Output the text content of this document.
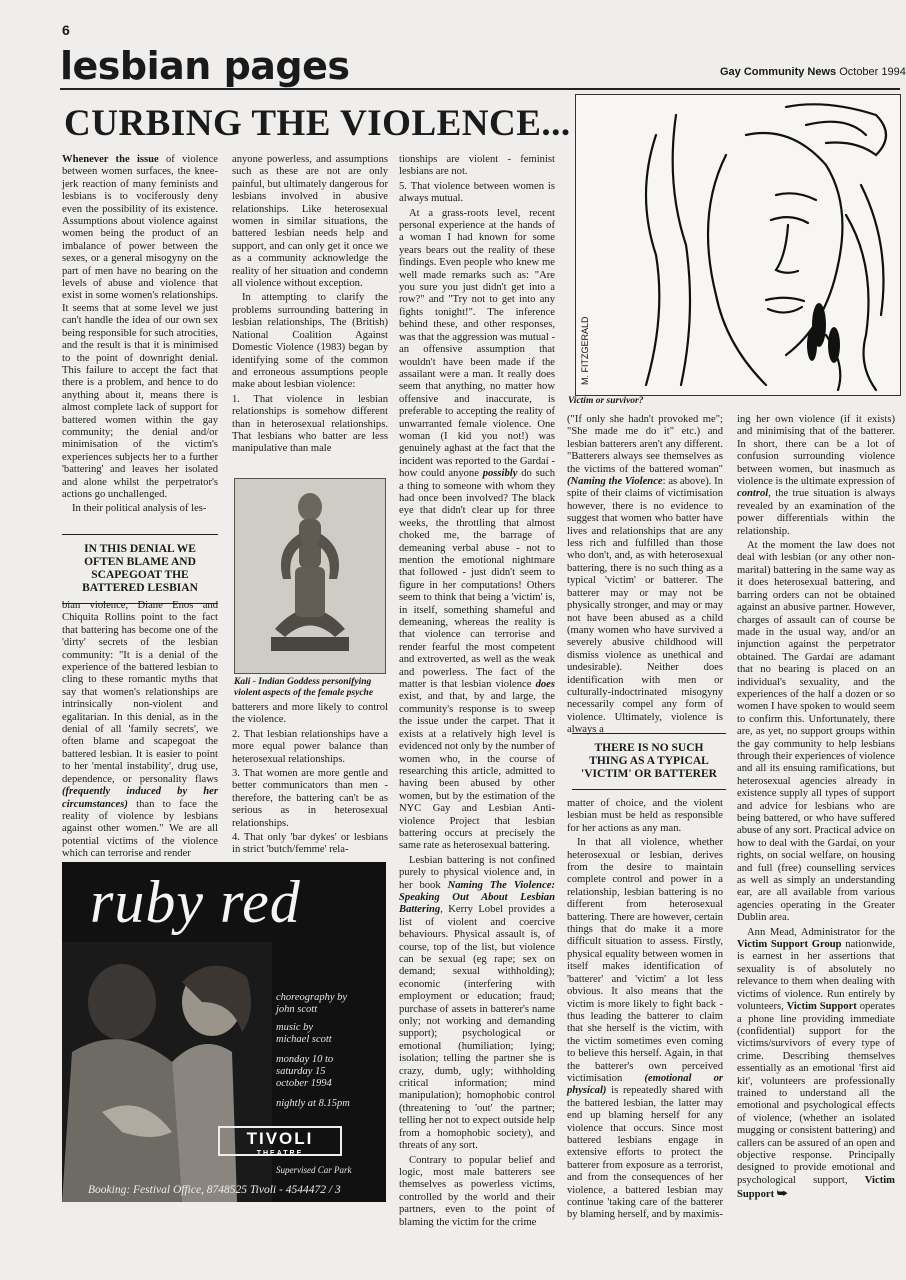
6
lesbian pages	Gay Community News October 1994
CURBING THE VIOLENCE...

Whenever the issue of violence between women surfaces, the knee-jerk reaction of many feminists and lesbians is to vociferously deny even the possibility of its existence. Assumptions about violence against women being the product of an imbalance of power between the sexes, or a general misogyny on the part of men have no bearing on the levels of abuse and violence that exist in some women's relationships. It seems that at some level we just can't handle the idea of our own sex being responsible for such atrocities, and the result is that it is minimised to the point of downright denial. This failure to accept the fact that there is a problem, and hence to do anything about it, means there is almost complete lack of support for battered women within the gay community; the denial and/or minimisation of the victim's experiences subjects her to a further 'battering' and leaves her isolated and alone whilst the perpetrator's actions go unchallenged.

In their political analysis of les-

IN THIS DENIAL WE OFTEN BLAME AND SCAPEGOAT THE BATTERED LESBIAN

bian violence, Diane Enos and Chiquita Rollins point to the fact that battering has become one of the 'dirty' secrets of the lesbian community: "It is a denial of the experience of the battered lesbian to cling to these romantic myths that say that women's relationships are intrinsically non-violent and egalitarian. In this denial, as in the denial of all 'family secrets', we often blame and scapegoat the battered lesbian. It is easier to point to her 'mental instability', drug use, dependence, or personality flaws (frequently induced by her circumstances) than to face the reality of violence by lesbians against other women." We are all potential victims of the violence which can terrorise and render

anyone powerless, and assumptions such as these are not are only painful, but ultimately dangerous for lesbians involved in abusive relationships. Like heterosexual women in similar situations, the battered lesbian needs help and support, and can only get it once we as a community acknowledge the reality of her situation and condemn all violence without exception.

In attempting to clarify the problems surrounding battering in lesbian relationships, The (British) National Coalition Against Domestic Violence (1983) began by identifying some of the common and erroneous assumptions people make about lesbian violence:

1. That violence in lesbian relationships is somehow different than in heterosexual relationships. That lesbians who batter are less manipulative than male

Kali - Indian Goddess personifying violent aspects of the female psyche

batterers and more likely to control the violence.

2. That lesbian relationships have a more equal power balance than heterosexual relationships.

3. That women are more gentle and better communicators than men - therefore, the battering can't be as serious as in heterosexual relationships.

4. That only 'bar dykes' or lesbians in strict 'butch/femme' rela-

tionships are violent - feminist lesbians are not.

5. That violence between women is always mutual.

At a grass-roots level, recent personal experience at the hands of a woman I had known for some years bears out the reality of these findings. Even people who knew me well made remarks such as: "Are you sure you just didn't get into a row?" and "Try not to get into any fights tonight!". The inference behind these, and other responses, was that the aggression was mutual - an offensive assumption that wouldn't have been made if the assailant were a man. It really does seem that anything, no matter how offensive and inaccurate, is preferable to accepting the reality of unwarranted female violence. One woman (I kid you not!) was genuinely aghast at the fact that the incident was reported to the Gardaí - how could anyone possibly do such a thing to someone with whom they had once been involved? The black eye that didn't clear up for three weeks, the throttling that almost choked me, the barrage of demeaning verbal abuse - not to mention the emotional nightmare that followed - just didn't seem to figure in her computations! Others seem to think that being a 'victim' is, in itself, something shameful and demeaning, whereas the reality is that violence can terrorise and render fearful the most competent and extroverted, as well as the weak and powerless. The fact of the matter is that lesbian violence does exist, and that, by and large, the community's response is to sweep the issue under the carpet. That it exists at a relatively high level is evidenced not only by the number of women who, in the course of researching this article, admitted to having been abused by other women, but by the estimation of the NYC Gay and Lesbian Anti-violence Project that lesbian battering occurs at precisely the same rate as heterosexual battering.

Lesbian battering is not confined purely to physical violence and, in her book Naming The Violence: Speaking Out About Lesbian Battering, Kerry Lobel provides a list of violent and coercive behaviours. Physical assault is, of course, top of the list, but violence can be sexual (eg rape; sex on demand; sexual withholding); economic (interfering with employment or education; fraud; purchase of assets in batterer's name only; not working and demanding support); psychological or emotional (humiliation; lying; isolation; telling the partner she is crazy, dumb, ugly; withholding critical information; mind manipulation); homophobic control (threatening to 'out' the partner; telling her not to expect outside help from a homophobic society), and threats of any sort.

Contrary to popular belief and logic, most male batterers see themselves as powerless victims, controlled by the world and their partners, even to the point of blaming the victim for the crime

M. FITZGERALD
Victim or survivor?

("If only she hadn't provoked me"; "She made me do it" etc.) and lesbian batterers aren't any different. "Batterers always see themselves as the victims of the battered woman" (Naming the Violence: as above). In spite of their claims of victimisation however, there is no evidence to suggest that women who batter have lives and relationships that are any less rich and fulfilled than those who don't, and, as with heterosexual battering, there is no such thing as a typical 'victim' or batterer. The batterer may or may not be physically stronger, and may or may not have been abused as a child (many women who have survived a severely abusive childhood will dismiss violence as unethical and undesirable). Neither does identification with men or culturally-indoctrinated misogyny necessarily compel any form of violence. Ultimately, violence is always a

THERE IS NO SUCH THING AS A TYPICAL 'VICTIM' OR BATTERER

matter of choice, and the violent lesbian must be held as responsible for her actions as any man.

In that all violence, whether heterosexual or lesbian, derives from the desire to maintain complete control and power in a relationship, lesbian battering is no different from heterosexual battering. There are however, certain things that do make it a more difficult situation to assess. Firstly, physical equality between women in itself makes identification of 'batterer' and 'victim' a lot less obvious. It also means that the victim is more likely to fight back - thus leading the batterer to claim that she herself is the victim, with the victim sometimes even coming to believe this herself. Again, in that the batterer's own perceived victimisation (emotional or physical) is repeatedly shared with the battered lesbian, the latter may end up blaming herself for any violence that occurs. Since most battered lesbians engage in extensive efforts to protect the batterer from exposure as a terrorist, and from the consequences of her violence, a battered lesbian may continue 'taking care of the batterer by blaming herself, and by maximis-

ing her own violence (if it exists) and minimising that of the batterer. In short, there can be a lot of confusion surrounding violence between women, but inasmuch as violence is the ultimate expression of control, the true situation is always revealed by an examination of the power differentials within the relationship.

At the moment the law does not deal with lesbian (or any other non-marital) battering in the same way as it does heterosexual battering, and barring orders can not be obtained against an abusive partner. However, charges of assault can of course be made in the usual way, and/or an injunction against the perpetrator obtained. The Gardaí are adamant that no bearing is placed on an individual's sexuality, and the experiences of the half a dozen or so women I have spoken to would seem to confirm this. Unfortunately, there are, as yet, no support groups within the gay community to help lesbians through their experiences of violence and all its ensuing ramifications, but heterosexual agencies already in existence supply all types of support and advice for lesbians who are being battered, or who have suffered abuse of any sort. Practical advice on how to deal with the Gardaí, on your rights, on social welfare, on housing and full (free) counselling services as well as simply an understanding ear, are all available from various agencies operating in the Greater Dublin area.

Ann Mead, Administrator for the Victim Support Group nationwide, is earnest in her assertions that sexuality is of absolutely no relevance to them when dealing with victims of violence. Run entirely by volunteers, Victim Support operates a phone line providing immediate (confidential) support for the victims/survivors of every type of crime. Describing themselves essentially as an emotional 'first aid kit', volunteers are professionally trained to understand all the emotional and psychological effects of violence, (whether an isolated mugging or consistent battering) and callers can be assured of an open and objective response. Principally designed to provide emotional and psychological support, Victim Support ⮩

ruby red
choreography by
john scott
music by
michael scott
monday 10 to
saturday 15
october 1994
nightly at 8.15pm
Supervised Car Park
TIVOLI
THEATRE
Booking: Festival Office, 8748525 Tivoli - 4544472 / 3
